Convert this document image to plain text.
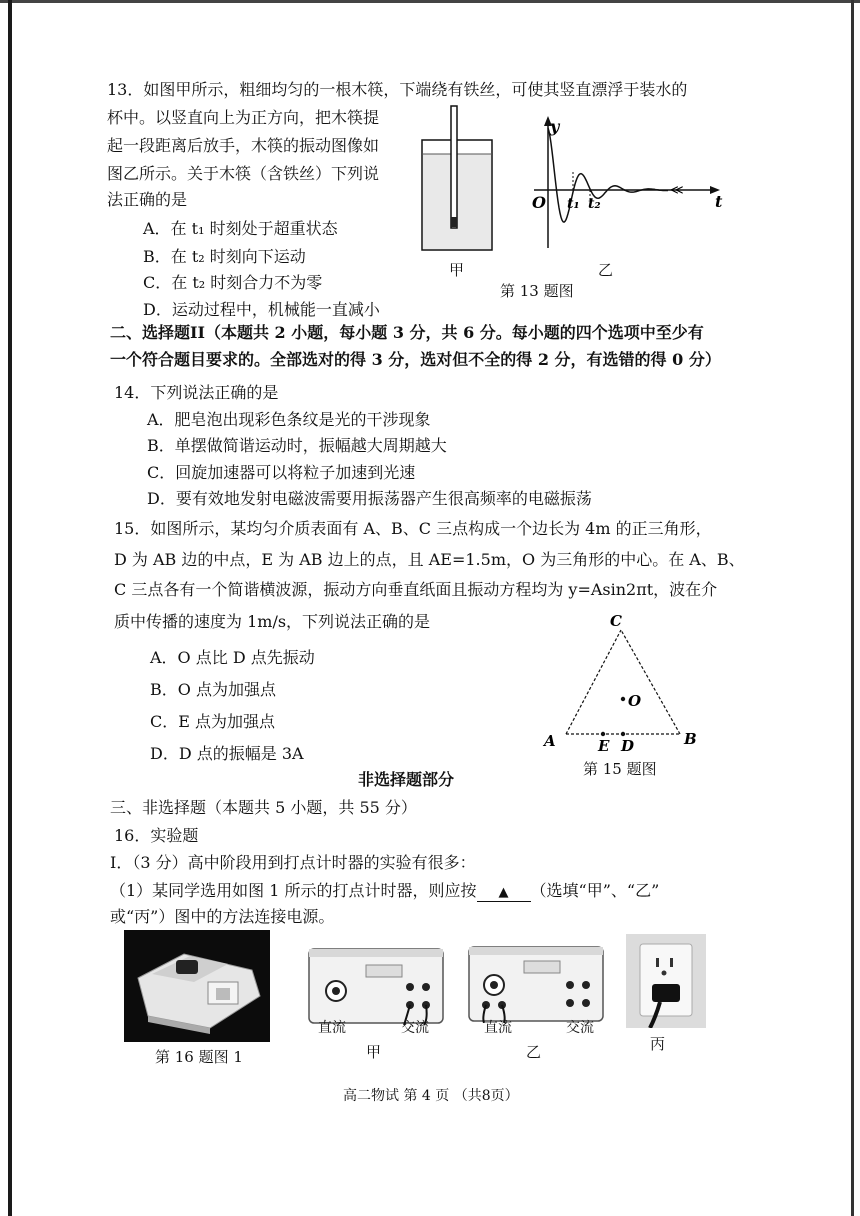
13．如图甲所示，粗细均匀的一根木筷，下端绕有铁丝，可使其竖直漂浮于装水的
杯中。以竖直向上为正方向，把木筷提
起一段距离后放手，木筷的振动图像如
图乙所示。关于木筷（含铁丝）下列说
法正确的是
A．在 t₁ 时刻处于超重状态
B．在 t₂ 时刻向下运动
C．在 t₂ 时刻合力不为零
D．运动过程中，机械能一直减小
甲
≪
y
t
O t₁ t₂
乙
第 13 题图
二、选择题II（本题共 2 小题，每小题 3 分，共 6 分。每小题的四个选项中至少有
一个符合题目要求的。全部选对的得 3 分，选对但不全的得 2 分，有选错的得 0 分）
14．下列说法正确的是
A．肥皂泡出现彩色条纹是光的干涉现象
B．单摆做简谐运动时，振幅越大周期越大
C．回旋加速器可以将粒子加速到光速
D．要有效地发射电磁波需要用振荡器产生很高频率的电磁振荡
15．如图所示，某均匀介质表面有 A、B、C 三点构成一个边长为 4m 的正三角形，
D 为 AB 边的中点，E 为 AB 边上的点，且 AE=1.5m，O 为三角形的中心。在 A、B、
C 三点各有一个简谐横波源，振动方向垂直纸面且振动方程均为 y=Asin2πt，波在介
质中传播的速度为 1m/s，下列说法正确的是
A．O 点比 D 点先振动
B．O 点为加强点
C．E 点为加强点
D．D 点的振幅是 3A
C
A	B
E D
O
第 15 题图
非选择题部分
三、非选择题（本题共 5 小题，共 55 分）
16．实验题
I．（3 分）高中阶段用到打点计时器的实验有很多：
（1）某同学选用如图 1 所示的打点计时器，则应按 ▲ （选填“甲”、“乙”
或“丙”）图中的方法连接电源。
第 16 题图 1
直流	交流
甲
直流	交流
乙	丙
高二物试 第 4 页 （共8页）
